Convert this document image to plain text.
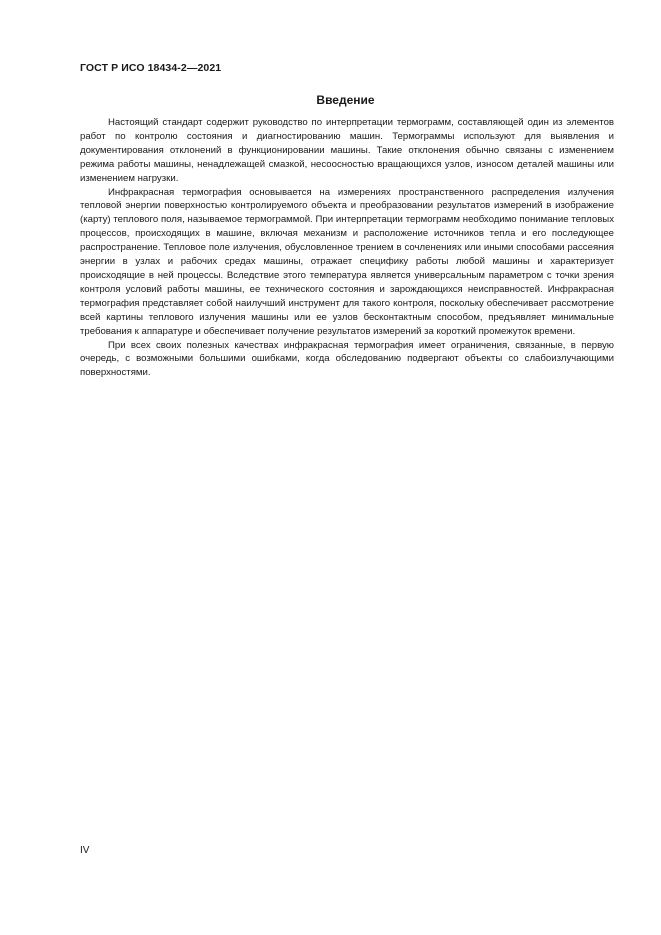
ГОСТ Р ИСО 18434-2—2021
Введение

Настоящий стандарт содержит руководство по интерпретации термограмм, составляющей один из элементов работ по контролю состояния и диагностированию машин. Термограммы используют для выявления и документирования отклонений в функционировании машины. Такие отклонения обычно связаны с изменением режима работы машины, ненадлежащей смазкой, несоосностью вращающихся узлов, износом деталей машины или изменением нагрузки.

Инфракрасная термография основывается на измерениях пространственного распределения излучения тепловой энергии поверхностью контролируемого объекта и преобразовании результатов измерений в изображение (карту) теплового поля, называемое термограммой. При интерпретации термограмм необходимо понимание тепловых процессов, происходящих в машине, включая механизм и расположение источников тепла и его последующее распространение. Тепловое поле излучения, обусловленное трением в сочленениях или иными способами рассеяния энергии в узлах и рабочих средах машины, отражает специфику работы любой машины и характеризует происходящие в ней процессы. Вследствие этого температура является универсальным параметром с точки зрения контроля условий работы машины, ее технического состояния и зарождающихся неисправностей. Инфракрасная термография представляет собой наилучший инструмент для такого контроля, поскольку обеспечивает рассмотрение всей картины теплового излучения машины или ее узлов бесконтактным способом, предъявляет минимальные требования к аппаратуре и обеспечивает получение результатов измерений за короткий промежуток времени.

При всех своих полезных качествах инфракрасная термография имеет ограничения, связанные, в первую очередь, с возможными большими ошибками, когда обследованию подвергают объекты со слабоизлучающими поверхностями.

IV
